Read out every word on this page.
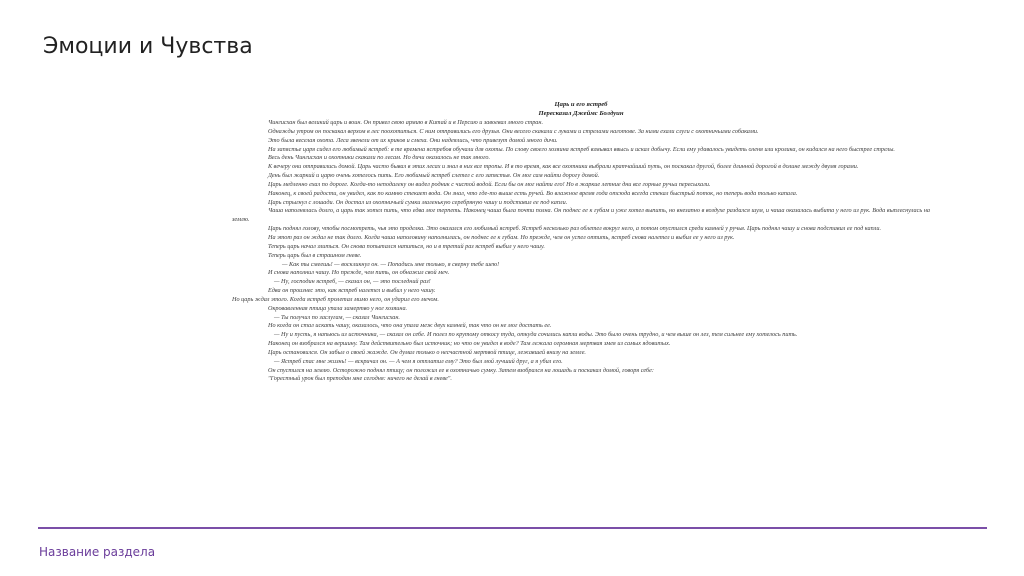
Эмоции и Чувства
Царь и его ястреб
Пересказал Джеймс Болдуин

Чингисхан был великий царь и воин. Он привел свою армию в Китай и в Персию и завоевал много стран.

Однажды утром он поскакал верхом в лес поохотиться. С ним отправились его друзья. Они весело скакали с луками и стрелами наготове. За ними ехали слуги с охотничьими собаками.

Это была веселая охота. Леса звенели от их криков и смеха. Они надеялись, что привезут домой много дичи.

На запястье царя сидел его любимый ястреб: в те времена ястребов обучали для охоты. По слову своего хозяина ястреб взмывал ввысь и искал добычу. Если ему удавалось увидеть оленя или кролика, он кидался на него быстрее стрелы.

Весь день Чингисхан и охотники скакали по лесам. Но дичи оказалось не так много.

К вечеру они отправились домой. Царь часто бывал в этих лесах и знал в них все тропы. И в то время, как все охотники выбрали кратчайший путь, он поскакал другой, более длинной дорогой в долине между двумя горами.

День был жаркий и царю очень хотелось пить. Его любимый ястреб слетел с его запястья. Он мог сам найти дорогу домой.

Царь медленно ехал по дороге. Когда-то неподалеку он видел родник с чистой водой. Если бы он мог найти его! Но в жаркие летние дни все горные ручьи пересыхали.

Наконец, к своей радости, он увидел, как по камню стекает вода. Он знал, что где-то выше есть ручей. Во влажное время года отсюда всегда стекал быстрый поток, но теперь вода только капала.

Царь спрыгнул с лошади. Он достал из охотничьей сумки маленькую серебряную чашу и подставил ее под капли.

Чаша наполнялась долго, а царь так хотел пить, что едва мог терпеть. Наконец чаша была почти полна. Он поднес ее к губам и уже хотел выпить, но внезапно в воздухе раздался шум, и чаша оказалась выбита у него из рук. Вода выплеснулась на землю.

Царь поднял голову, чтобы посмотреть, чья это проделка. Это оказался его любимый ястреб. Ястреб несколько раз облетел вокруг него, а потом опустился среди камней у ручья. Царь поднял чашу и снова подставил ее под капли.

На этот раз он ждал не так долго. Когда чаша наполовину наполнилась, он поднес ее к губам. Но прежде, чем он успел отпить, ястреб снова налетел и выбил ее у него из рук.

Теперь царь начал злиться. Он снова попытался напиться, но и в третий раз ястреб выбил у него чашу.

Теперь царь был в страшном гневе.

— Как ты смеешь! — воскликнул он. — Попадись мне только, я сверну тебе шею!

И снова наполнил чашу. Но прежде, чем пить, он обнажил свой меч.

— Ну, господин ястреб, — сказал он, — это последний раз!

Едва он произнес это, как ястреб налетел и выбил у него чашу.

Но царь ждал этого. Когда ястреб пролетал мимо него, он ударил его мечом.

Окровавленная птица упала замертво у ног хозяина.

— Ты получил по заслугам, — сказал Чингисхан.

Но когда он стал искать чашу, оказалось, что она упала меж двух камней, так что он не мог достать ее.

— Ну и пусть, я напьюсь из источника, — сказал он себе. И полез по крутому откосу туда, откуда сочились капли воды. Это было очень трудно, и чем выше он лез, тем сильнее ему хотелось пить.

Наконец он взобрался на вершину. Там действительно был источник; но что он увидел в воде? Там лежала огромная мертвая змея из самых ядовитых.

Царь остановился. Он забыл о своей жажде. Он думал только о несчастной мертвой птице, лежавшей внизу на земле.

— Ястреб спас мне жизнь! — вскричал он. — А чем я отплатил ему? Это был мой лучший друг, а я убил его.

Он спустился на землю. Осторожно поднял птицу; он положил ее в охотничью сумку. Затем взобрался на лошадь и поскакал домой, говоря себе:

"Горестный урок был преподан мне сегодня: ничего не делай в гневе".

Название раздела
